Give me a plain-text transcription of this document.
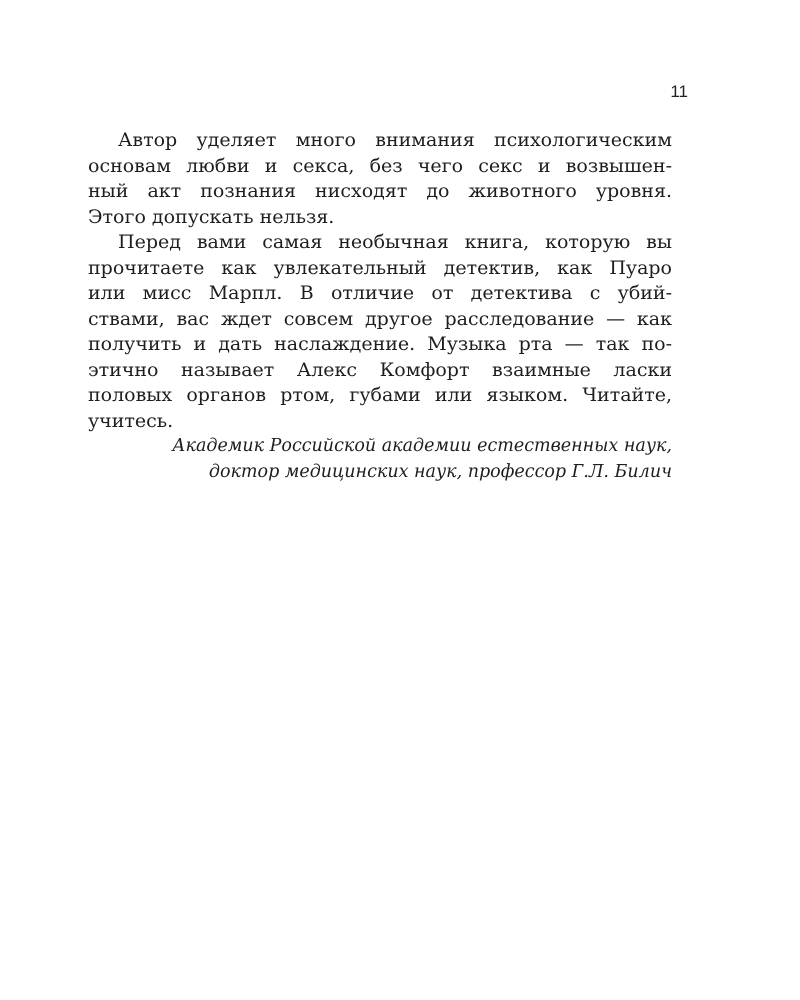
11
Автор уделяет много внимания психологическим
основам любви и секса, без чего секс и возвышен-
ный акт познания нисходят до животного уровня.
Этого допускать нельзя.
Перед вами самая необычная книга, которую вы
прочитаете как увлекательный детектив, как Пуаро
или мисс Марпл. В отличие от детектива с убий-
ствами, вас ждет совсем другое расследование — как
получить и дать наслаждение. Музыка рта — так по-
этично называет Алекс Комфорт взаимные ласки
половых органов ртом, губами или языком. Читайте,
учитесь.
Академик Российской академии естественных наук,
доктор медицинских наук, профессор Г.Л. Билич
